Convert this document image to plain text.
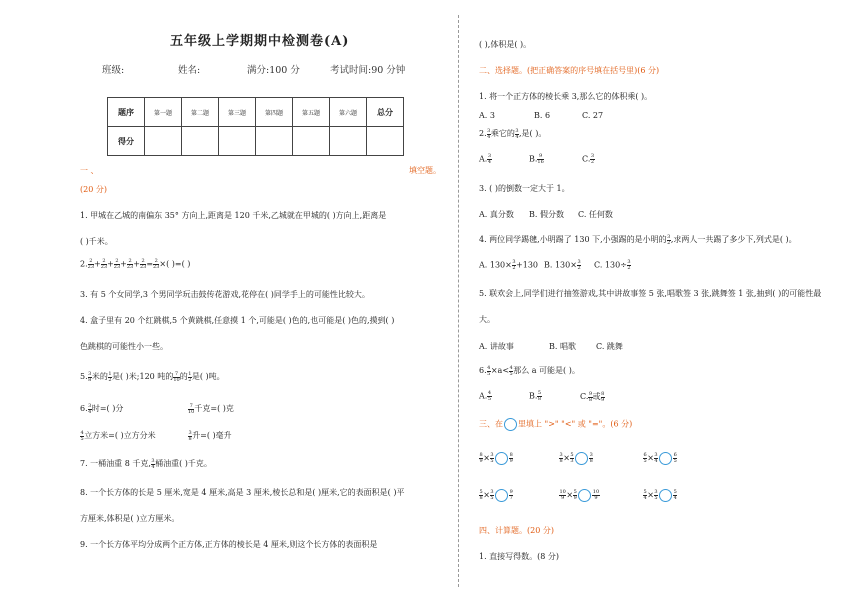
五年级上学期期中检测卷(A)
班级:	姓名:	满分:100 分	考试时间:90 分钟
题序	第一题	第二题	第三题	第四题	第五题	第六题	总分
得分							
一 、	填空题。
(20 分)
1. 甲城在乙城的南偏东 35° 方向上,距离是 120 千米,乙城就在甲城的( )方向上,距离是
( )千米。
2. $\frac{2}{23} + \frac{2}{23} + \frac{2}{23} + \frac{2}{23} + \frac{2}{23} = \frac{2}{23}$ ×( )=( )
3. 有 5 个女同学,3 个男同学玩击鼓传花游戏,花停在( )同学手上的可能性比较大。
4. 盒子里有 20 个红跳棋,5 个黄跳棋,任意摸 1 个,可能是( )色的,也可能是( )色的,摸到( )
色跳棋的可能性小一些。
5. $\frac{3}{8}$ 米的 $\frac{1}{2}$ 是( )米;120 吨的 $\frac{7}{10}$ 的 $\frac{1}{2}$ 是( )吨。
6. $\frac{3}{4}$ 时=( )分	$\frac{7}{10}$ 千克=( )克
$\frac{4}{5}$ 立方米=( )立方分米	$\frac{3}{8}$ 升=( )毫升
7. 一桶油重 8 千克, $\frac{3}{4}$ 桶油重( )千克。
8. 一个长方体的长是 5 厘米,宽是 4 厘米,高是 3 厘米,棱长总和是( )厘米,它的表面积是( )平
方厘米,体积是( )立方厘米。
9. 一个长方体平均分成两个正方体,正方体的棱长是 4 厘米,则这个长方体的表面积是
( ),体积是( )。
二、选择题。(把正确答案的序号填在括号里)(6 分)
1. 将一个正方体的棱长乘 3,那么它的体积乘( )。
A. 3	B. 6	C. 27
2. $\frac{3}{4}$ 乘它的 $\frac{3}{4}$ ,是( )。
A. $\frac{3}{4}$	B. $\frac{9}{16}$	C. $\frac{3}{2}$
3. ( )的倒数一定大于 1。
A. 真分数 B. 假分数 C. 任何数
4. 两位同学踢毽,小明踢了 130 下,小强踢的是小明的 $\frac{3}{2}$ ,求两人一共踢了多少下,列式是( )。
A. $130\times \frac{3}{2} +130$ B. $130\times \frac{3}{2} C$. $130\div \frac{3}{2}$
5. 联欢会上,同学们进行抽签游戏,其中讲故事签 5 张,唱歌签 3 张,跳舞签 1 张,抽到( )的可能性最
大。
A. 讲故事	B. 唱歌	C. 跳舞
6. $\frac{4}{5} \times a< \frac{4}{5}$ 那么 a 可能是( )。
A. $\frac{4}{5}$	B. $\frac{5}{8}$	C. $\frac{9}{8}$ 或 $\frac{8}{9}$
三、在 里填上 ">" "<" 或 "="。(6 分)
$\frac{8}{9} \times \frac{3}{5}$	$\frac{8}{9}$	$\frac{3}{8} \times \frac{5}{3}$	$\frac{3}{8}$	$\frac{6}{5} \times \frac{3}{4}$	$\frac{6}{5}$
$\frac{5}{8} \times \frac{3}{5}$	$\frac{9}{7}$	$\frac{10}{9} \times \frac{5}{9}$	$\frac{10}{9}$	$\frac{5}{4} \times \frac{3}{5}$	$\frac{5}{4}$
四、计算题。(20 分)
1. 直接写得数。(8 分)
